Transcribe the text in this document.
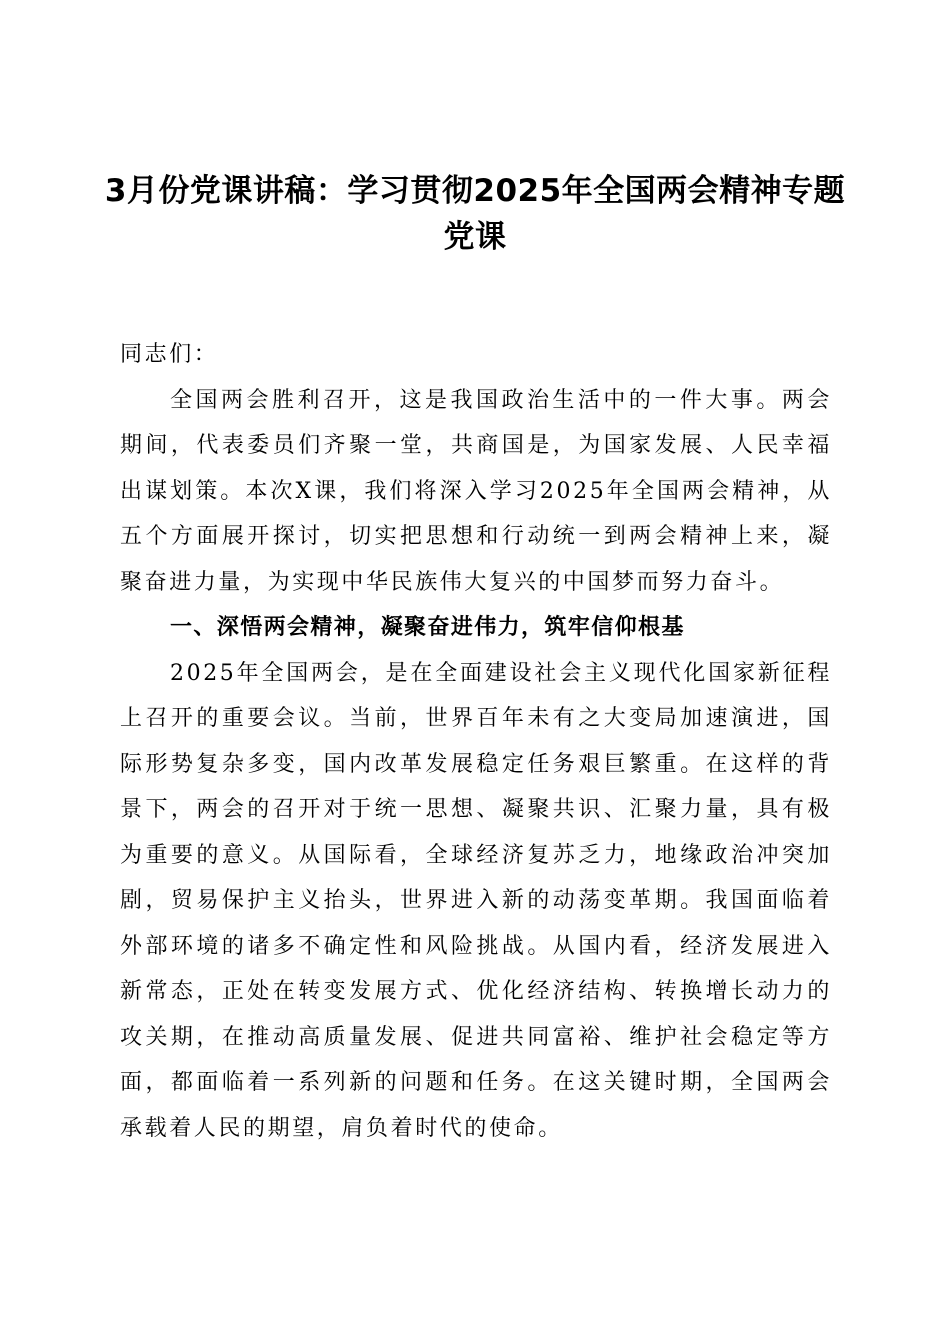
3月份党课讲稿：学习贯彻2025年全国两会精神专题党课

同志们：

全国两会胜利召开，这是我国政治生活中的一件大事。两会期间，代表委员们齐聚一堂，共商国是，为国家发展、人民幸福出谋划策。本次X课，我们将深入学习2025年全国两会精神，从五个方面展开探讨，切实把思想和行动统一到两会精神上来，凝聚奋进力量，为实现中华民族伟大复兴的中国梦而努力奋斗。

一、深悟两会精神，凝聚奋进伟力，筑牢信仰根基

2025年全国两会，是在全面建设社会主义现代化国家新征程上召开的重要会议。当前，世界百年未有之大变局加速演进，国际形势复杂多变，国内改革发展稳定任务艰巨繁重。在这样的背景下，两会的召开对于统一思想、凝聚共识、汇聚力量，具有极为重要的意义。从国际看，全球经济复苏乏力，地缘政治冲突加剧，贸易保护主义抬头，世界进入新的动荡变革期。我国面临着外部环境的诸多不确定性和风险挑战。从国内看，经济发展进入新常态，正处在转变发展方式、优化经济结构、转换增长动力的攻关期，在推动高质量发展、促进共同富裕、维护社会稳定等方面，都面临着一系列新的问题和任务。在这关键时期，全国两会承载着人民的期望，肩负着时代的使命。
